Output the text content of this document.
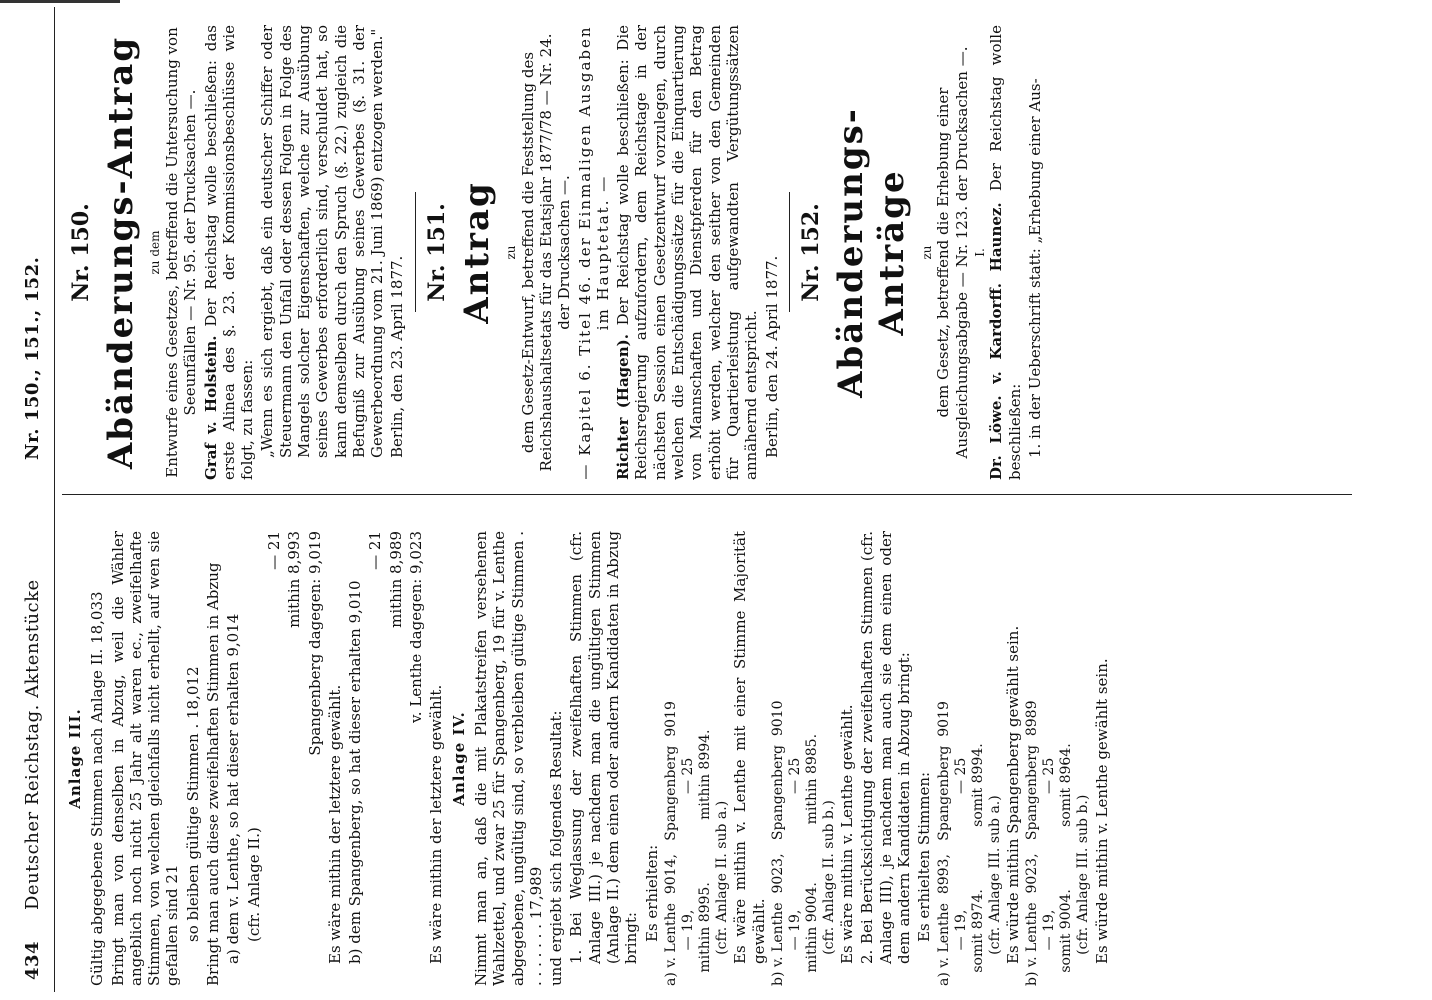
434
Deutscher Reichstag. Aktenstücke
Nr. 150., 151., 152.
Anlage III. Gültig abgegebene Stimmen nach Anlage II. 18,033 Bringt man von denselben in Abzug, weil die Wähler angeblich noch nicht 25 Jahr alt waren ec., zweifelhafte Stimmen, von welchen gleichfalls nicht erhellt, auf wen sie gefallen sind 21 so bleiben gültige Stimmen . 18,012 Bringt man auch diese zweifelhaften Stimmen in Abzug a) dem v. Lenthe, so hat dieser erhalten 9,014 (cfr. Anlage II.)

— 21 mithin 8,993 Spangenberg dagegen: 9,019

Es wäre mithin der letztere gewählt. b) dem Spangenberg, so hat dieser erhalten 9,010

— 21 mithin 8,989 v. Lenthe dagegen: 9,023

Es wäre mithin der letztere gewählt. Anlage IV. Nimmt man an, daß die mit Plakatstreifen versehenen Wahlzettel, und zwar 25 für Spangenberg, 19 für v. Lenthe abgegebene, ungültig sind, so verbleiben gültige Stimmen . . . . . . . . 17,989 und ergiebt sich folgendes Resultat: 1. Bei Weglassung der zweifelhaften Stimmen (cfr. Anlage III.) je nachdem man die ungültigen Stimmen (Anlage II.) dem einen oder andern Kandidaten in Abzug bringt: Es erhielten:

a) v. Lenthe  9014,   Spangenberg  9019
— 19,                          — 25
mithin 8995.              mithin 8994.
(cfr. Anlage II. sub a.) Es wäre mithin v. Lenthe mit einer Stimme Majorität gewählt.

b) v. Lenthe  9023,   Spangenberg  9010
— 19,                          — 25
mithin 9004.             mithin 8985.
(cfr. Anlage II. sub b.) Es wäre mithin v. Lenthe gewählt. 2. Bei Berücksichtigung der zweifelhaften Stimmen (cfr. Anlage III), je nachdem man auch sie dem einen oder dem andern Kandidaten in Abzug bringt: Es erhielten Stimmen:

a) v. Lenthe  8993,   Spangenberg  9019
— 19,                          — 25
somit 8974.              somit 8994.
(cfr. Anlage III. sub a.) Es würde mithin Spangenberg gewählt sein.

b) v. Lenthe  9023,   Spangenberg  8989
— 19,                          — 25
somit 9004.              somit 8964.
(cfr. Anlage III. sub b.) Es würde mithin v. Lenthe gewählt sein.

Nr. 150. Abänderungs-Antrag zu dem Entwurfe eines Gesetzes, betreffend die Untersuchung von Seeunfällen — Nr. 95. der Drucksachen —. Graf v. Holstein. Der Reichstag wolle beschließen: das erste Alinea des §. 23. der Kommissionsbeschlüsse wie folgt, zu fassen: „Wenn es sich ergiebt, daß ein deutscher Schiffer oder Steuermann den Unfall oder dessen Folgen in Folge des Mangels solcher Eigenschaften, welche zur Ausübung seines Gewerbes erforderlich sind, verschuldet hat, so kann demselben durch den Spruch (§. 22.) zugleich die Befugniß zur Ausübung seines Gewerbes (§. 31. der Gewerbeordnung vom 21. Juni 1869) entzogen werden." Berlin, den 23. April 1877.

Nr. 151. Antrag zu dem Gesetz-Entwurf, betreffend die Feststellung des Reichshaushaltsetats für das Etatsjahr 1877/78 — Nr. 24. der Drucksachen —. — Kapitel 6. Titel 46. der Einmaligen Ausgaben im Hauptetat. —

Richter (Hagen). Der Reichstag wolle beschließen: Die Reichsregierung aufzufordern, dem Reichstage in der nächsten Session einen Gesetzentwurf vorzulegen, durch welchen die Entschädigungssätze für die Einquartierung von Mannschaften und Dienstpferden für den Betrag erhöht werden, welcher den seither von den Gemeinden für Quartierleistung aufgewandten Vergütungssätzen annähernd entspricht. Berlin, den 24. April 1877.

Nr. 152. Abänderungs-Anträge zu dem Gesetz, betreffend die Erhebung einer Ausgleichungsabgabe — Nr. 123. der Drucksachen —. I. Dr. Löwe. v. Kardorff. Haunez. Der Reichstag wolle beschließen: 1. in der Ueberschrift statt: „Erhebung einer Aus-
